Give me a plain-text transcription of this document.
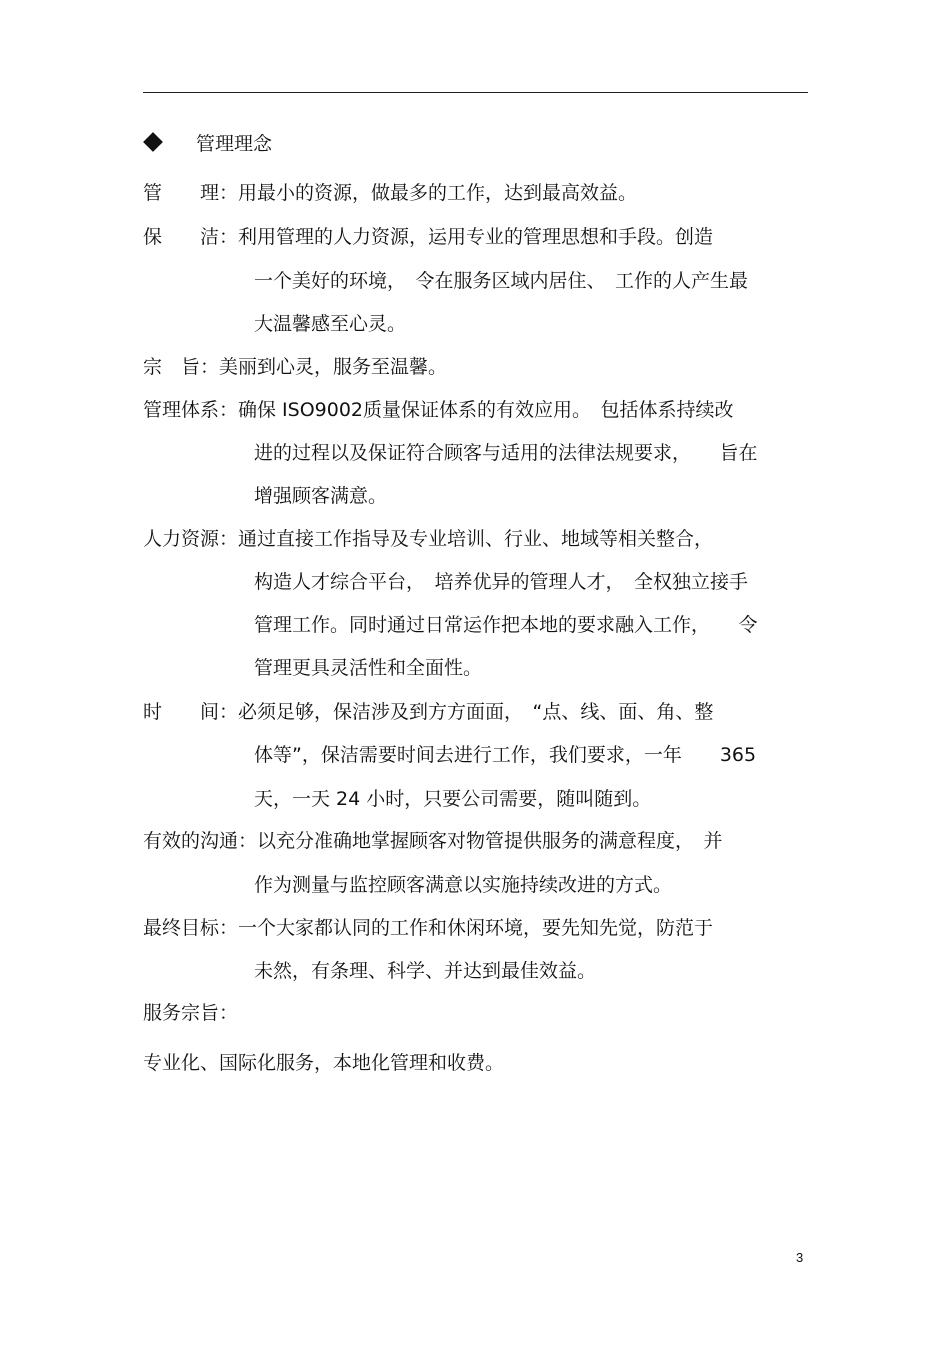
管理理念
管　　理：用最小的资源，做最多的工作，达到最高效益。
保　　洁：利用管理的人力资源，运用专业的管理思想和手段。创造
一个美好的环境，　令在服务区域内居住、　工作的人产生最
大温馨感至心灵。
宗　旨：美丽到心灵，服务至温馨。
管理体系：确保 ISO9002质量保证体系的有效应用。　包括体系持续改
进的过程以及保证符合顾客与适用的法律法规要求，　　旨在
增强顾客满意。
人力资源：通过直接工作指导及专业培训、行业、地域等相关整合，
构造人才综合平台，　培养优异的管理人才，　全权独立接手
管理工作。同时通过日常运作把本地的要求融入工作，　　令
管理更具灵活性和全面性。
时　　间：必须足够，保洁涉及到方方面面，　“点、线、面、角、整
体等”，保洁需要时间去进行工作，我们要求，一年　　365
天，一天 24 小时，只要公司需要，随叫随到。
有效的沟通：以充分准确地掌握顾客对物管提供服务的满意程度，　并
作为测量与监控顾客满意以实施持续改进的方式。
最终目标：一个大家都认同的工作和休闲环境，要先知先觉，防范于
未然，有条理、科学、并达到最佳效益。
服务宗旨：
专业化、国际化服务，本地化管理和收费。
3
